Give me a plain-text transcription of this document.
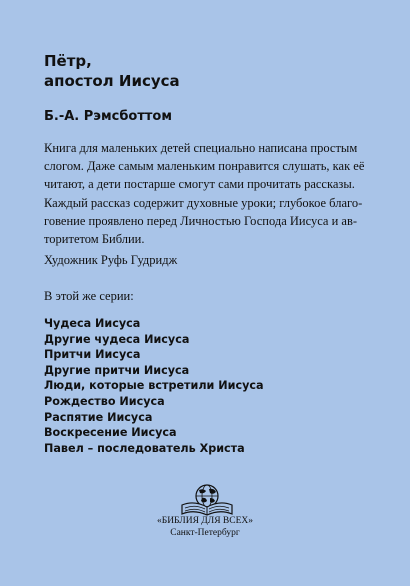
Пётр,
апостол Иисуса
Б.-А. Рэмсботтом
Книга для маленьких детей специально написана простым
слогом. Даже самым маленьким понравится слушать, как её
читают, а дети постарше смогут сами прочитать рассказы.
Каждый рассказ содержит духовные уроки; глубокое благо-
говение проявлено перед Личностью Господа Иисуса и ав-
торитетом Библии.
Художник Руфь Гудридж
В этой же серии:
Чудеса Иисуса
Другие чудеса Иисуса
Притчи Иисуса
Другие притчи Иисуса
Люди, которые встретили Иисуса
Рождество Иисуса
Распятие Иисуса
Воскресение Иисуса
Павел – последователь Христа
«БИБЛИЯ ДЛЯ ВСЕХ»
Санкт-Петербург
